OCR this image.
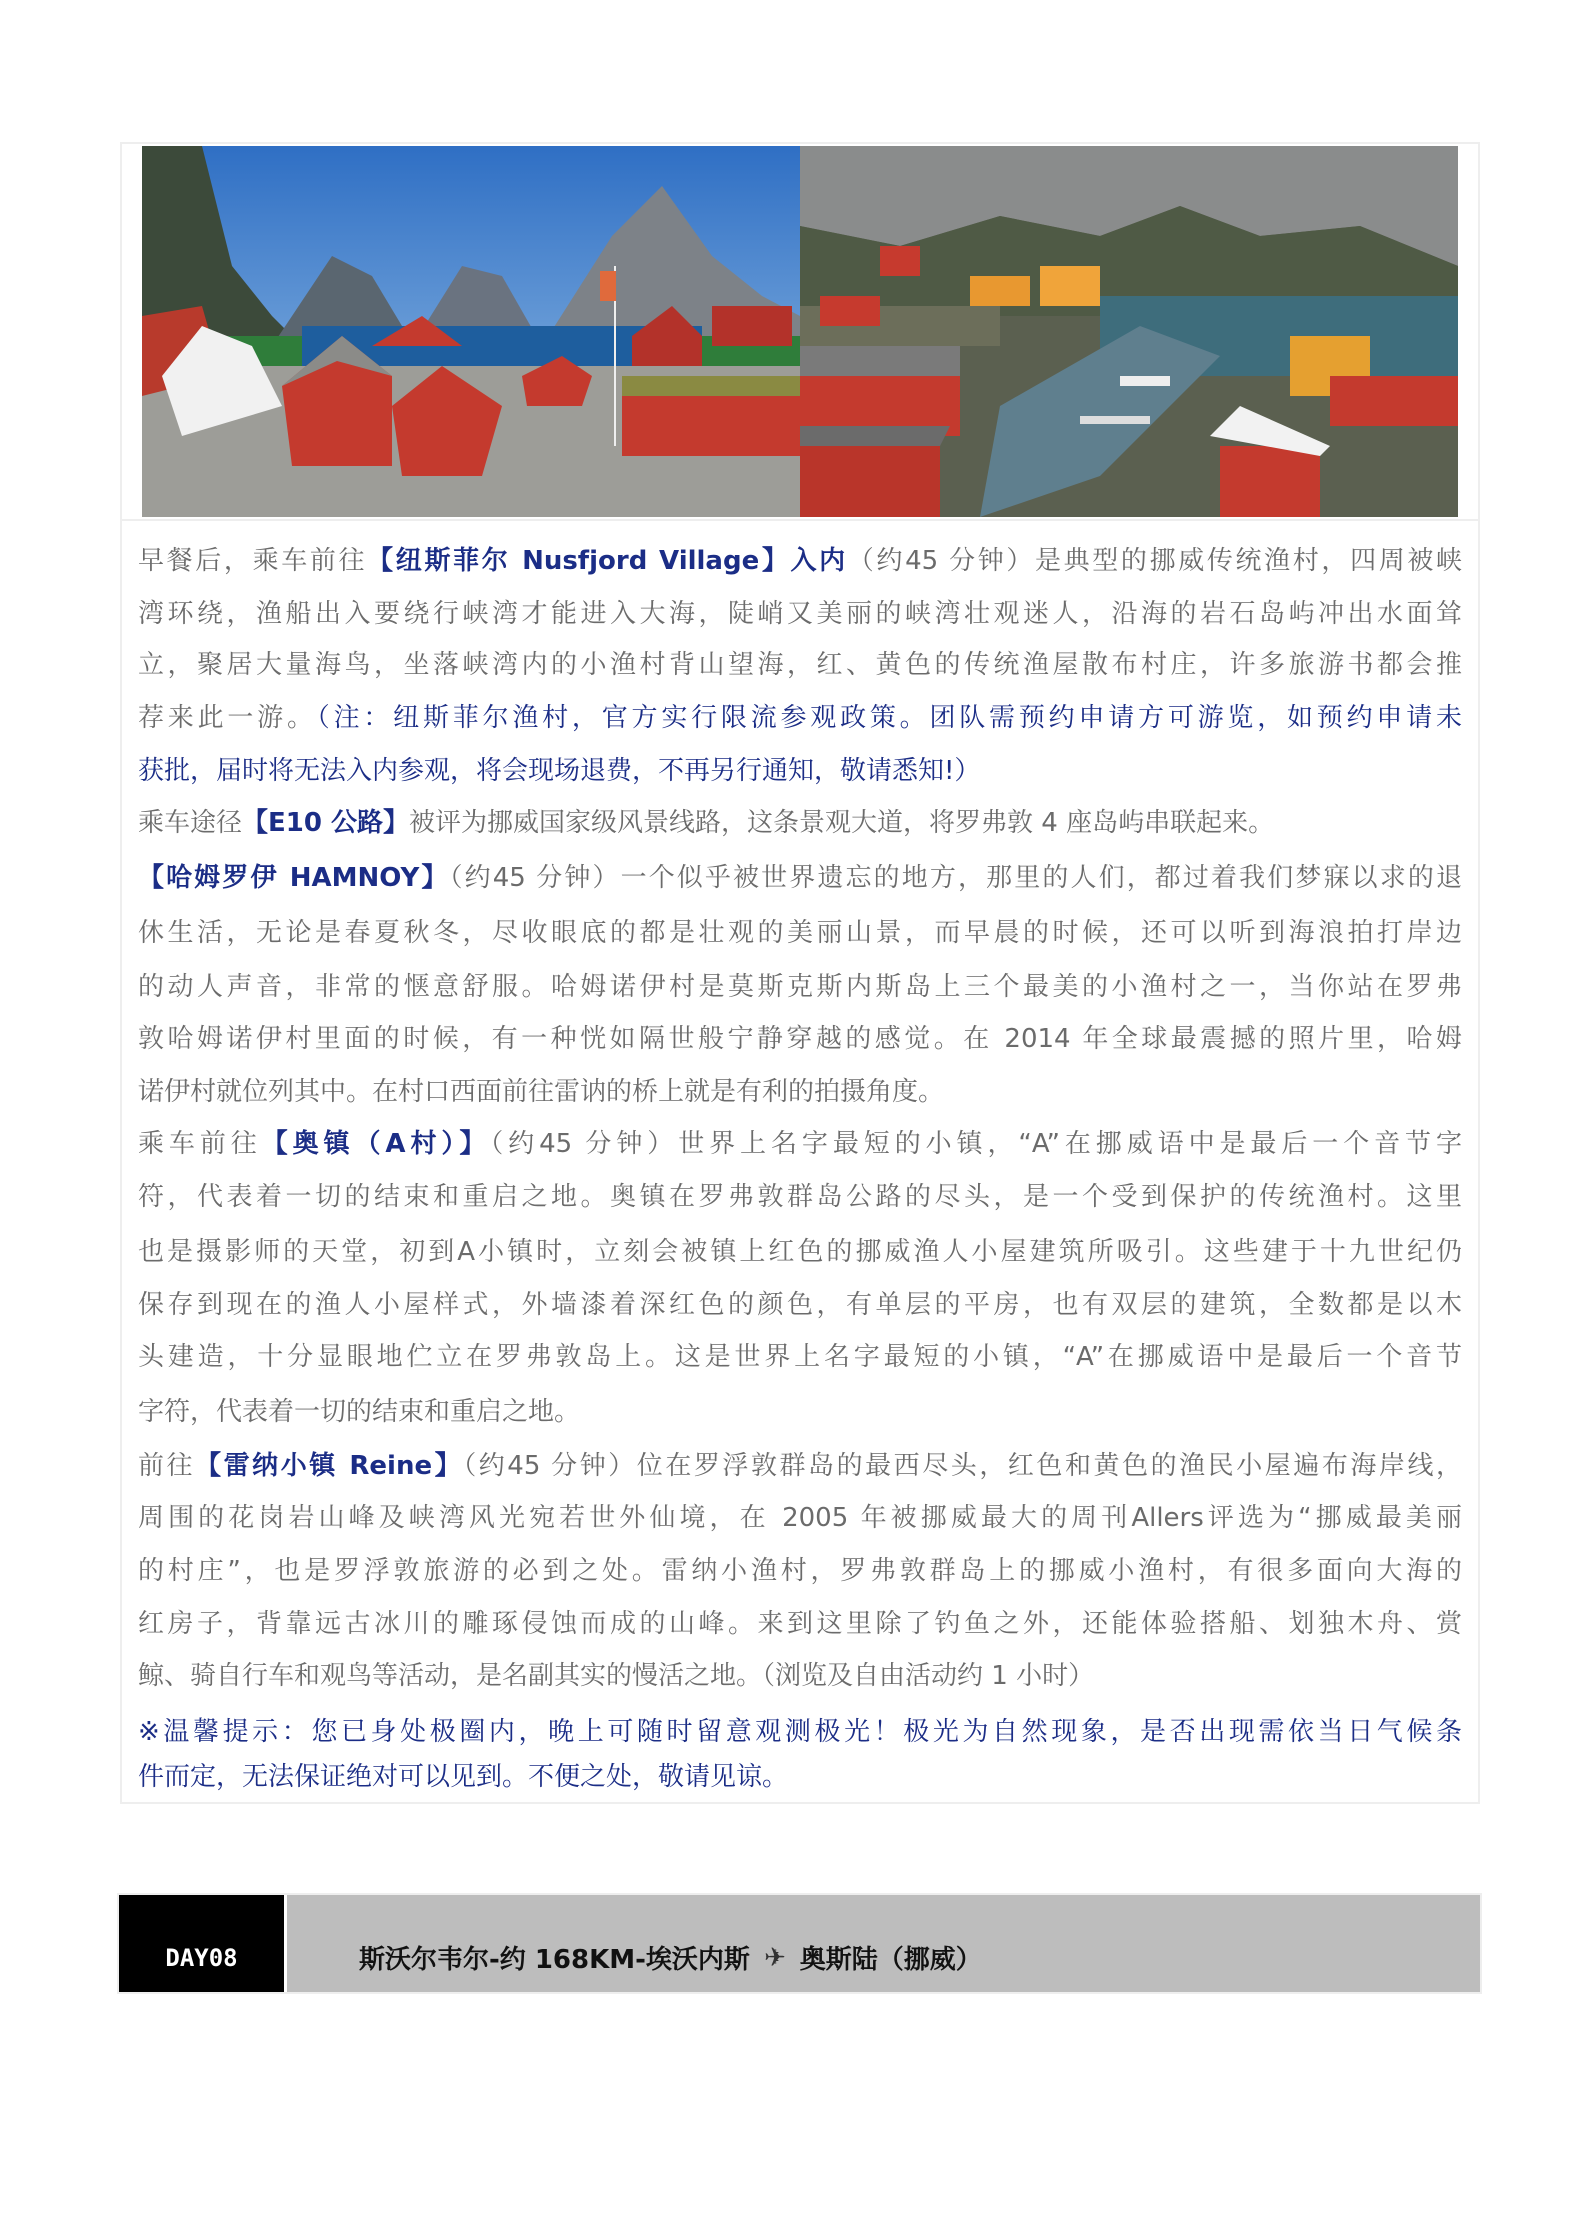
早餐后，乘车前往【纽斯菲尔 Nusfjord Village】入内（约45 分钟）是典型的挪威传统渔村，四周被峡
湾环绕，渔船出入要绕行峡湾才能进入大海，陡峭又美丽的峡湾壮观迷人，沿海的岩石岛屿冲出水面耸
立，聚居大量海鸟，坐落峡湾内的小渔村背山望海，红、黄色的传统渔屋散布村庄，许多旅游书都会推
荐来此一游。（注：纽斯菲尔渔村，官方实行限流参观政策。团队需预约申请方可游览，如预约申请未
获批，届时将无法入内参观，将会现场退费，不再另行通知，敬请悉知!）
乘车途径【E10 公路】被评为挪威国家级风景线路，这条景观大道，将罗弗敦 4 座岛屿串联起来。
【哈姆罗伊 HAMNOY】（约45 分钟）一个似乎被世界遗忘的地方，那里的人们，都过着我们梦寐以求的退
休生活，无论是春夏秋冬，尽收眼底的都是壮观的美丽山景，而早晨的时候，还可以听到海浪拍打岸边
的动人声音，非常的惬意舒服。哈姆诺伊村是莫斯克斯内斯岛上三个最美的小渔村之一，当你站在罗弗
敦哈姆诺伊村里面的时候，有一种恍如隔世般宁静穿越的感觉。在 2014 年全球最震撼的照片里，哈姆
诺伊村就位列其中。在村口西面前往雷讷的桥上就是有利的拍摄角度。
乘车前往【奥镇（A村）】（约45 分钟）世界上名字最短的小镇，“A”在挪威语中是最后一个音节字
符，代表着一切的结束和重启之地。奥镇在罗弗敦群岛公路的尽头，是一个受到保护的传统渔村。这里
也是摄影师的天堂，初到A小镇时，立刻会被镇上红色的挪威渔人小屋建筑所吸引。这些建于十九世纪仍
保存到现在的渔人小屋样式，外墙漆着深红色的颜色，有单层的平房，也有双层的建筑，全数都是以木
头建造，十分显眼地伫立在罗弗敦岛上。这是世界上名字最短的小镇，“A”在挪威语中是最后一个音节
字符，代表着一切的结束和重启之地。
前往【雷纳小镇 Reine】（约45 分钟）位在罗浮敦群岛的最西尽头，红色和黄色的渔民小屋遍布海岸线，
周围的花岗岩山峰及峡湾风光宛若世外仙境，在 2005 年被挪威最大的周刊Allers评选为“挪威最美丽
的村庄”，也是罗浮敦旅游的必到之处。雷纳小渔村，罗弗敦群岛上的挪威小渔村，有很多面向大海的
红房子，背靠远古冰川的雕琢侵蚀而成的山峰。来到这里除了钓鱼之外，还能体验搭船、划独木舟、赏
鲸、骑自行车和观鸟等活动，是名副其实的慢活之地。（浏览及自由活动约 1 小时）
※温馨提示：您已身处极圈内，晚上可随时留意观测极光！极光为自然现象，是否出现需依当日气候条
件而定，无法保证绝对可以见到。不便之处，敬请见谅。
DAY08	斯沃尔韦尔-约 168KM-埃沃内斯 ✈ 奥斯陆（挪威）
